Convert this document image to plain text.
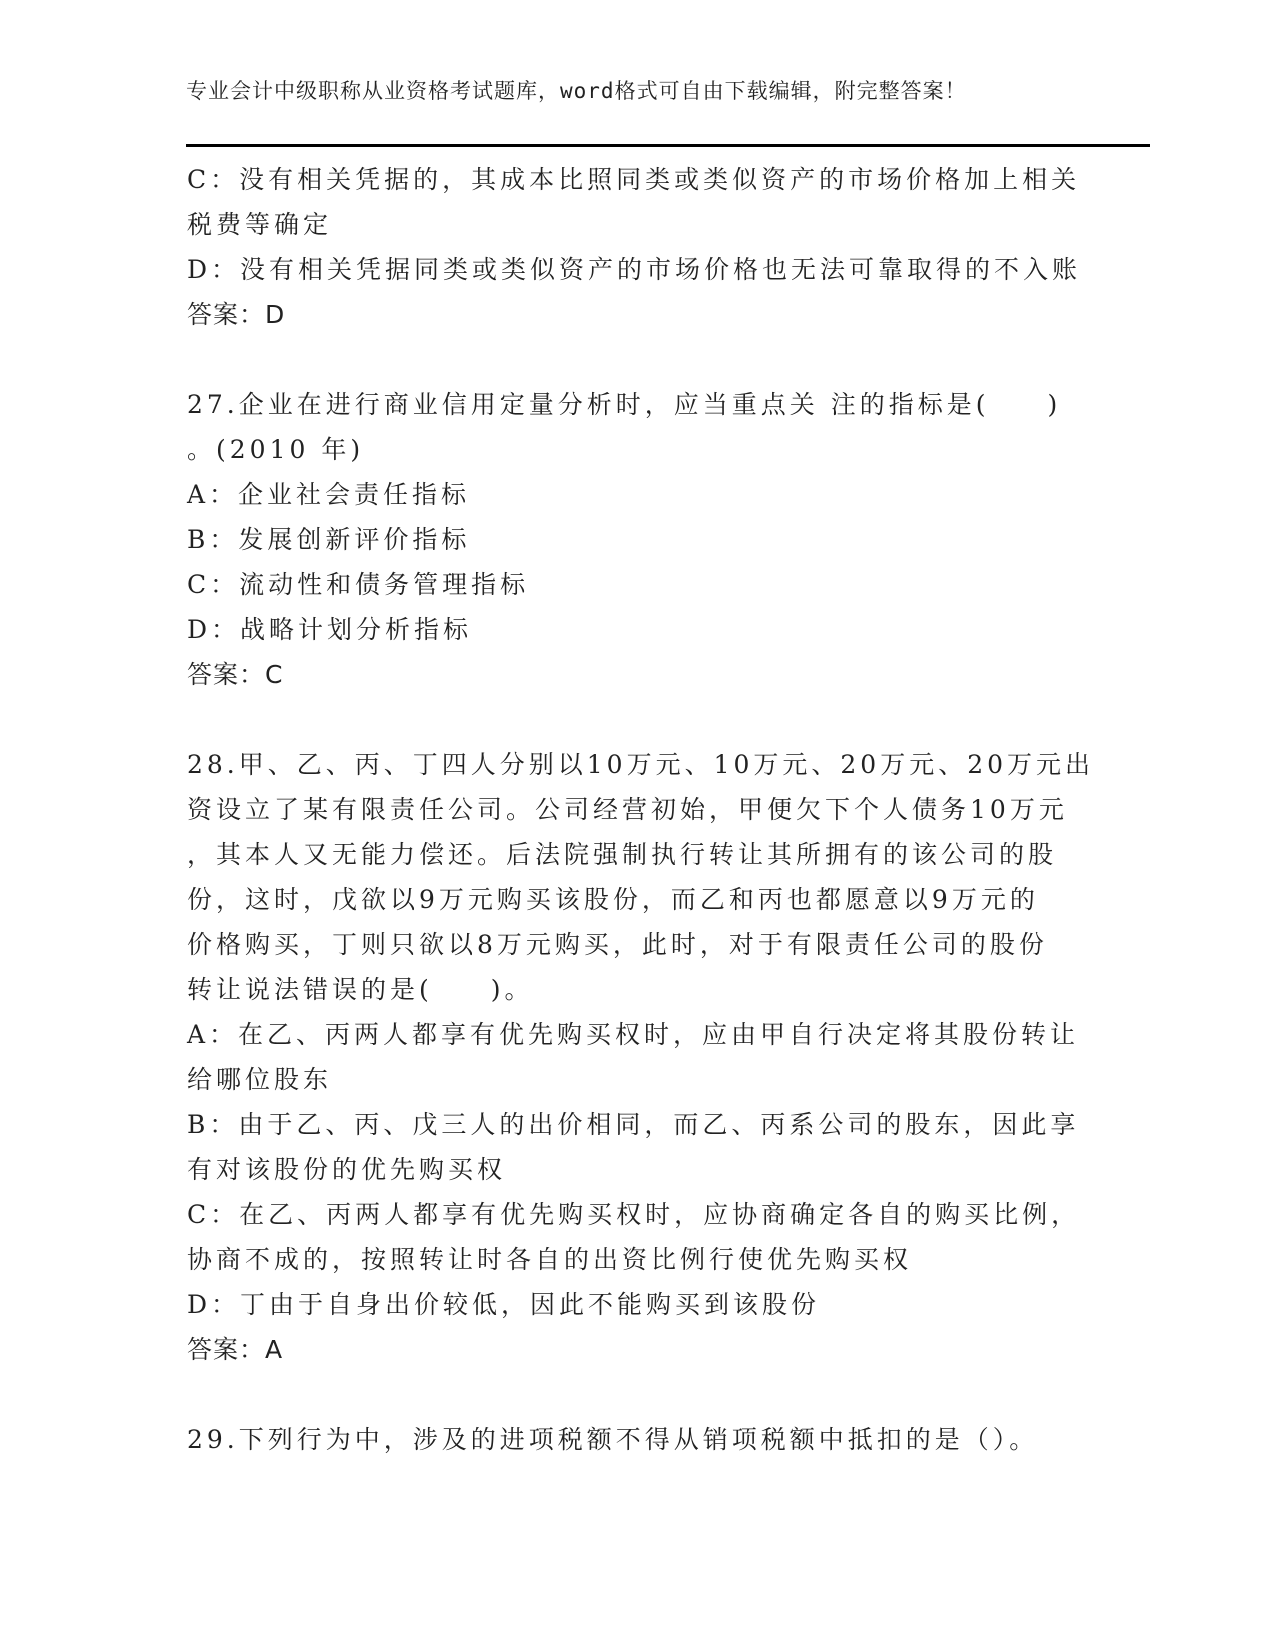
专业会计中级职称从业资格考试题库，word格式可自由下载编辑，附完整答案！
C：没有相关凭据的，其成本比照同类或类似资产的市场价格加上相关
税费等确定
D：没有相关凭据同类或类似资产的市场价格也无法可靠取得的不入账
答案：D
27.企业在进行商业信用定量分析时，应当重点关 注的指标是(　　)
。(2010 年)
A：企业社会责任指标
B：发展创新评价指标
C：流动性和债务管理指标
D：战略计划分析指标
答案：C
28.甲、乙、丙、丁四人分别以10万元、10万元、20万元、20万元出
资设立了某有限责任公司。公司经营初始，甲便欠下个人债务10万元
，其本人又无能力偿还。后法院强制执行转让其所拥有的该公司的股
份，这时，戊欲以9万元购买该股份，而乙和丙也都愿意以9万元的
价格购买，丁则只欲以8万元购买，此时，对于有限责任公司的股份
转让说法错误的是(　　)。
A：在乙、丙两人都享有优先购买权时，应由甲自行决定将其股份转让
给哪位股东
B：由于乙、丙、戊三人的出价相同，而乙、丙系公司的股东，因此享
有对该股份的优先购买权
C：在乙、丙两人都享有优先购买权时，应协商确定各自的购买比例，
协商不成的，按照转让时各自的出资比例行使优先购买权
D：丁由于自身出价较低，因此不能购买到该股份
答案：A
29.下列行为中，涉及的进项税额不得从销项税额中抵扣的是（）。
